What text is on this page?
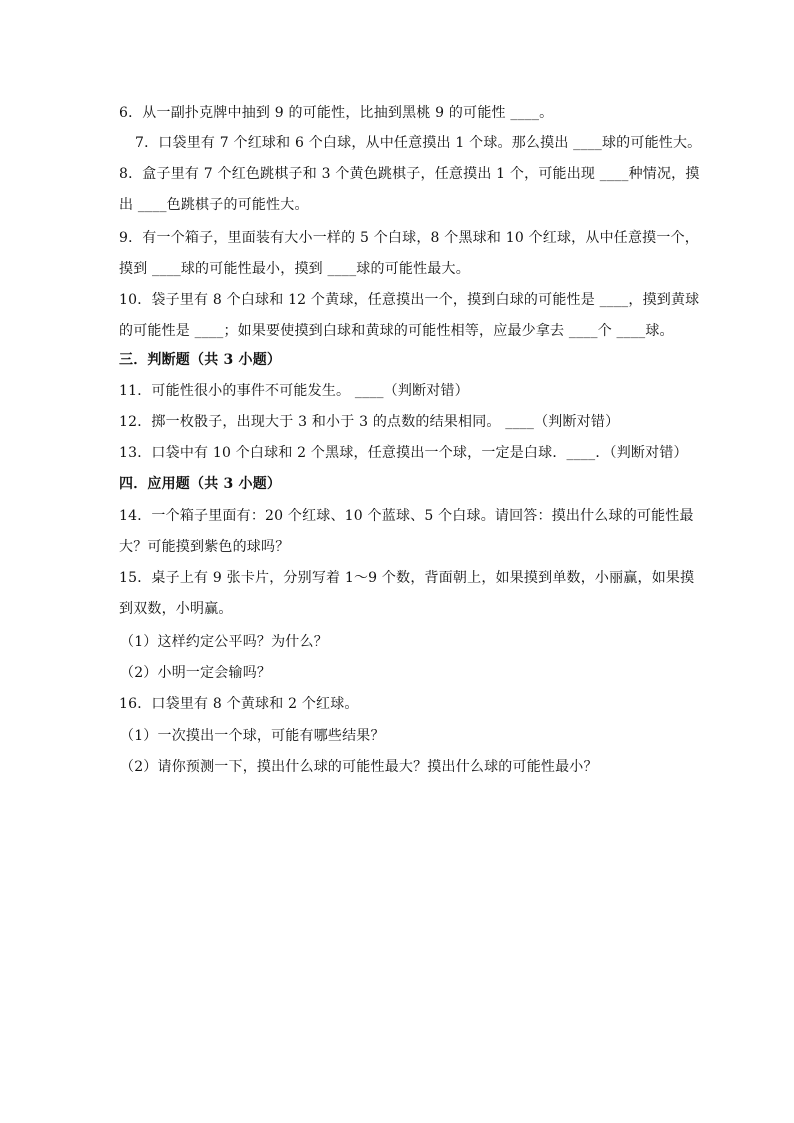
6．从一副扑克牌中抽到 9 的可能性，比抽到黑桃 9 的可能性 ____。
7．口袋里有 7 个红球和 6 个白球，从中任意摸出 1 个球。那么摸出 ____球的可能性大。
8．盒子里有 7 个红色跳棋子和 3 个黄色跳棋子，任意摸出 1 个，可能出现 ____种情况，摸
出 ____色跳棋子的可能性大。
9．有一个箱子，里面装有大小一样的 5 个白球，8 个黑球和 10 个红球，从中任意摸一个，
摸到 ____球的可能性最小，摸到 ____球的可能性最大。
10．袋子里有 8 个白球和 12 个黄球，任意摸出一个，摸到白球的可能性是 ____，摸到黄球
的可能性是 ____；如果要使摸到白球和黄球的可能性相等，应最少拿去 ____个 ____球。
三．判断题（共 3 小题）
11．可能性很小的事件不可能发生。 ____（判断对错）
12．掷一枚骰子，出现大于 3 和小于 3 的点数的结果相同。 ____（判断对错）
13．口袋中有 10 个白球和 2 个黑球，任意摸出一个球，一定是白球．____．（判断对错）
四．应用题（共 3 小题）
14．一个箱子里面有：20 个红球、10 个蓝球、5 个白球。请回答：摸出什么球的可能性最
大？可能摸到紫色的球吗？
15．桌子上有 9 张卡片，分别写着 1～9 个数，背面朝上，如果摸到单数，小丽赢，如果摸
到双数，小明赢。
（1）这样约定公平吗？为什么？
（2）小明一定会输吗？
16．口袋里有 8 个黄球和 2 个红球。
（1）一次摸出一个球，可能有哪些结果？
（2）请你预测一下，摸出什么球的可能性最大？摸出什么球的可能性最小？
